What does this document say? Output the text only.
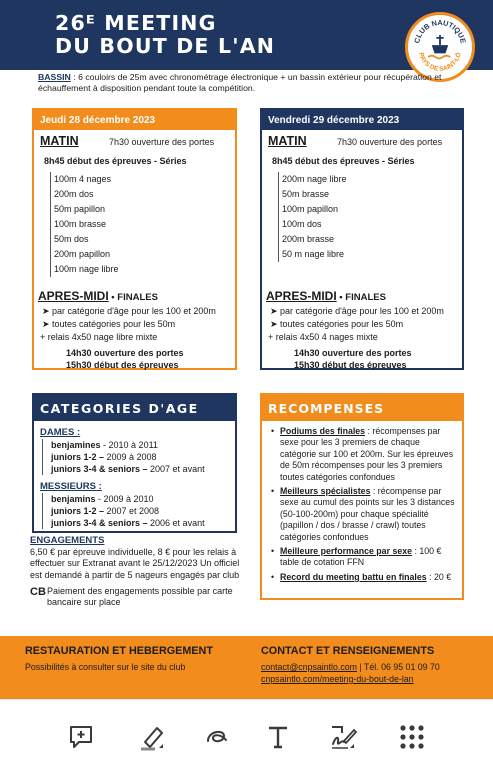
26ᴱ MEETING
DU BOUT DE L'AN	CLUB NAUTIQUE
PAYS DE SAINT-LÔ
BASSIN : 6 couloirs de 25m avec chronométrage électronique + un bassin extérieur pour récupération et échauffement à disposition pendant toute la compétition.
Jeudi 28 décembre 2023
MATIN	7h30 ouverture des portes
8h45 début des épreuves - Séries
100m 4 nages
200m dos
50m papillon
100m brasse
50m dos
200m papillon
100m nage libre
APRES-MIDI • FINALES
➤ par catégorie d'âge pour les 100 et 200m
➤ toutes catégories pour les 50m
+ relais 4x50 nage libre mixte
14h30 ouverture des portes
15h30 début des épreuves
Vendredi 29 décembre 2023
MATIN	7h30 ouverture des portes
8h45 début des épreuves - Séries
200m nage libre
50m brasse
100m papillon
100m dos
200m brasse
50 m nage libre
APRES-MIDI • FINALES
➤ par catégorie d'âge pour les 100 et 200m
➤ toutes catégories pour les 50m
+ relais 4x50 4 nages mixte
14h30 ouverture des portes
15h30 début des épreuves
CATEGORIES D'AGE
DAMES :
benjamines - 2010 à 2011
juniors 1-2 – 2009 à 2008
juniors 3-4 & seniors – 2007 et avant
MESSIEURS :
benjamins - 2009 à 2010
juniors 1-2 – 2007 et 2008
juniors 3-4 & seniors – 2006 et avant
RECOMPENSES
• Podiums des finales : récompenses par sexe pour les 3 premiers de chaque catégorie sur 100 et 200m. Sur les épreuves de 50m récompenses pour les 3 premiers toutes catégories confondues
• Meilleurs spécialistes : récompense par sexe au cumul des points sur les 3 distances (50-100-200m) pour chaque spécialité (papillon / dos / brasse / crawl) toutes catégories confondues
• Meilleure performance par sexe : 100 € table de cotation FFN
• Record du meeting battu en finales : 20 €
ENGAGEMENTS
6,50 € par épreuve individuelle, 8 € pour les relais à effectuer sur Extranat avant le 25/12/2023 Un officiel est demandé à partir de 5 nageurs engagés par club
CB Paiement des engagements possible par carte bancaire sur place
RESTAURATION ET HEBERGEMENT
Possibilités à consulter sur le site du club
CONTACT ET RENSEIGNEMENTS
contact@cnpsaintlo.com | Tél. 06 95 01 09 70
cnpsaintlo.com/meeting-du-bout-de-lan
